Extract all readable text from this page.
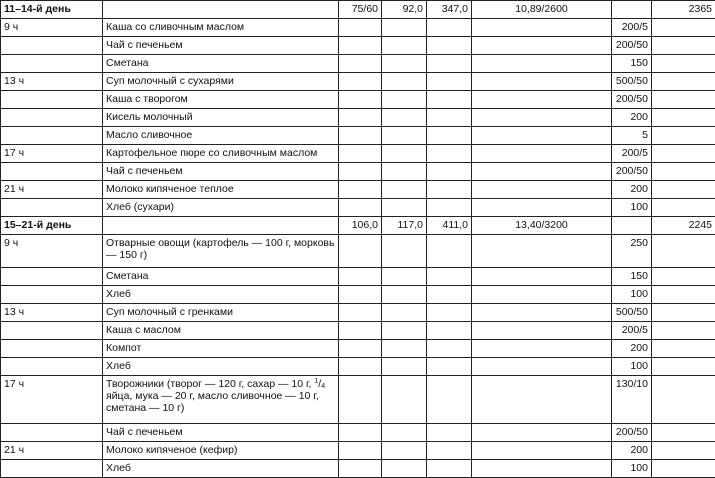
11–14-й день		75/60	92,0	347,0	10,89/2600		2365
9 ч	Каша со сливочным маслом					200/5	
	Чай с печеньем					200/50	
	Сметана					150	
13 ч	Суп молочный с сухарями					500/50	
	Каша с творогом					200/50	
	Кисель молочный					200	
	Масло сливочное					5	
17 ч	Картофельное пюре со сливочным маслом					200/5	
	Чай с печеньем					200/50	
21 ч	Молоко кипяченое теплое					200	
	Хлеб (сухари)					100	
15–21-й день		106,0	117,0	411,0	13,40/3200		2245
9 ч	Отварные овощи (картофель — 100 г, морковь — 150 г)					250	
	Сметана					150	
	Хлеб					100	
13 ч	Суп молочный с гренками					500/50	
	Каша с маслом					200/5	
	Компот					200	
	Хлеб					100	
17 ч	Творожники (творог — 120 г, сахар — 10 г, $^1/_4$ яйца, мука — 20 г, масло сливочное — 10 г, сметана — 10 г)					130/10	
	Чай с печеньем					200/50	
21 ч	Молоко кипяченое (кефир)					200	
	Хлеб					100	
